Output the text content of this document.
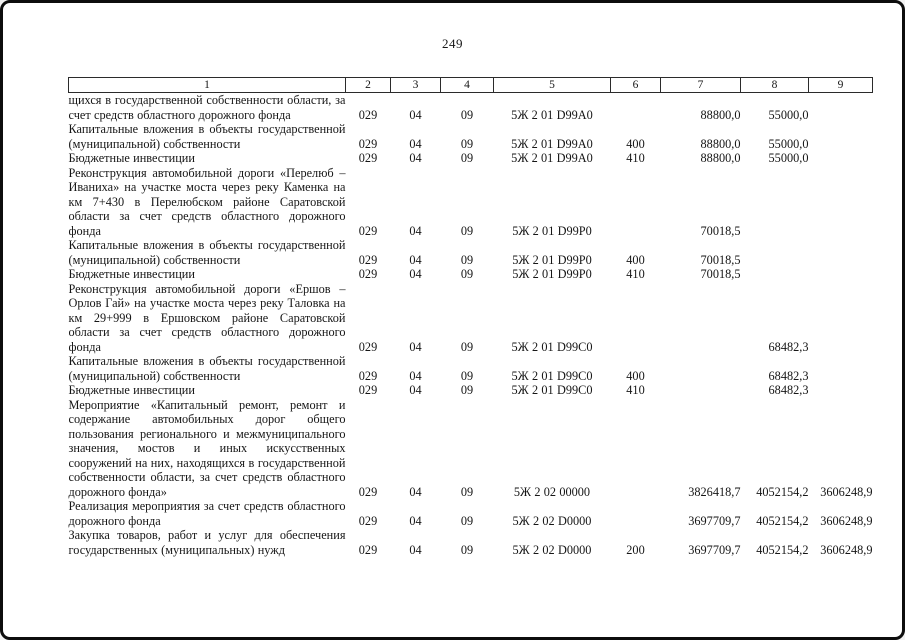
249
1	2	3	4	5	6	7	8	9
щихся в государственной собственности области, за счет средств областного дорожного фонда	029	04	09	5Ж 2 01 D99A0		88800,0	55000,0	
Капитальные вложения в объекты государственной (муниципальной) собственности	029	04	09	5Ж 2 01 D99A0	400	88800,0	55000,0	
Бюджетные инвестиции	029	04	09	5Ж 2 01 D99A0	410	88800,0	55000,0	
Реконструкция автомобильной дороги «Перелюб – Иваниха» на участке моста через реку Каменка на км 7+430 в Перелюбском районе Саратовской области за счет средств областного дорожного фонда	029	04	09	5Ж 2 01 D99P0		70018,5		
Капитальные вложения в объекты государственной (муниципальной) собственности	029	04	09	5Ж 2 01 D99P0	400	70018,5		
Бюджетные инвестиции	029	04	09	5Ж 2 01 D99P0	410	70018,5		
Реконструкция автомобильной дороги «Ершов – Орлов Гай» на участке моста через реку Таловка на км 29+999 в Ершовском районе Саратовской области за счет средств областного дорожного фонда	029	04	09	5Ж 2 01 D99C0			68482,3	
Капитальные вложения в объекты государственной (муниципальной) собственности	029	04	09	5Ж 2 01 D99C0	400		68482,3	
Бюджетные инвестиции	029	04	09	5Ж 2 01 D99C0	410		68482,3	
Мероприятие «Капитальный ремонт, ремонт и содержание автомобильных дорог общего пользования регионального и межмуниципального значения, мостов и иных искусственных сооружений на них, находящихся в государственной собственности области, за счет средств областного дорожного фонда»	029	04	09	5Ж 2 02 00000		3826418,7	4052154,2	3606248,9
Реализация мероприятия за счет средств областного дорожного фонда	029	04	09	5Ж 2 02 D0000		3697709,7	4052154,2	3606248,9
Закупка товаров, работ и услуг для обеспечения государственных (муниципальных) нужд	029	04	09	5Ж 2 02 D0000	200	3697709,7	4052154,2	3606248,9
